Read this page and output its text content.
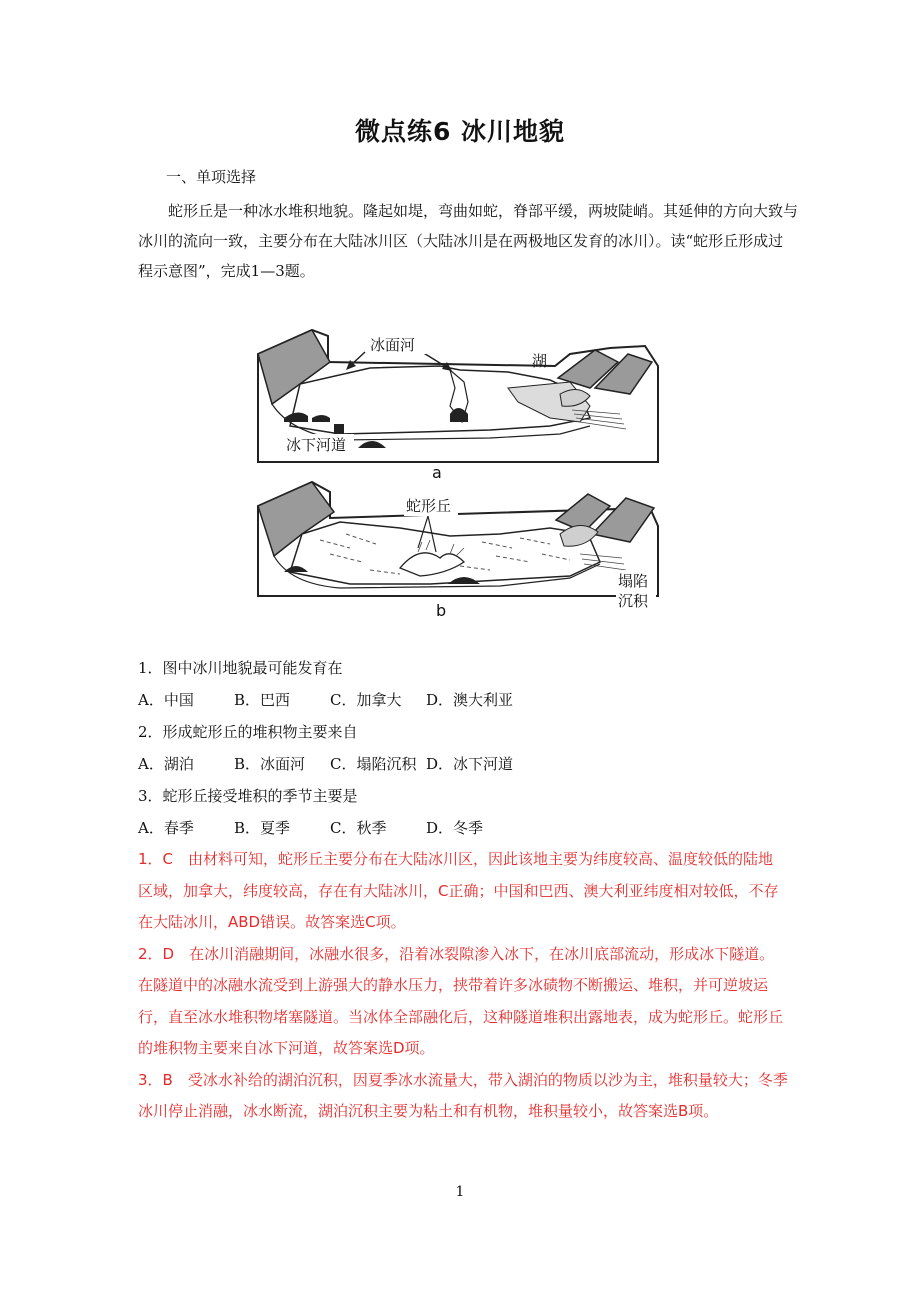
微点练6 冰川地貌
一、单项选择

蛇形丘是一种冰水堆积地貌。隆起如堤，弯曲如蛇，脊部平缓，两坡陡峭。其延伸的方向大致与冰川的流向一致，主要分布在大陆冰川区（大陆冰川是在两极地区发育的冰川）。读“蛇形丘形成过程示意图”，完成1—3题。

冰面河
湖
冰下河道
a
蛇形丘
塌陷
沉积
b
1．图中冰川地貌最可能发育在
A．中国	B．巴西	C．加拿大 D．澳大利亚
2．形成蛇形丘的堆积物主要来自
A．湖泊	B．冰面河 C．塌陷沉积 D．冰下河道
3．蛇形丘接受堆积的季节主要是
A．春季	B．夏季	C．秋季	D．冬季

1．C　由材料可知，蛇形丘主要分布在大陆冰川区，因此该地主要为纬度较高、温度较低的陆地区域，加拿大，纬度较高，存在有大陆冰川，C正确；中国和巴西、澳大利亚纬度相对较低，不存在大陆冰川，ABD错误。故答案选C项。

2．D　在冰川消融期间，冰融水很多，沿着冰裂隙渗入冰下，在冰川底部流动，形成冰下隧道。在隧道中的冰融水流受到上游强大的静水压力，挟带着许多冰碛物不断搬运、堆积，并可逆坡运行，直至冰水堆积物堵塞隧道。当冰体全部融化后，这种隧道堆积出露地表，成为蛇形丘。蛇形丘的堆积物主要来自冰下河道，故答案选D项。

3．B　受冰水补给的湖泊沉积，因夏季冰水流量大，带入湖泊的物质以沙为主，堆积量较大；冬季冰川停止消融，冰水断流，湖泊沉积主要为粘土和有机物，堆积量较小，故答案选B项。

1
